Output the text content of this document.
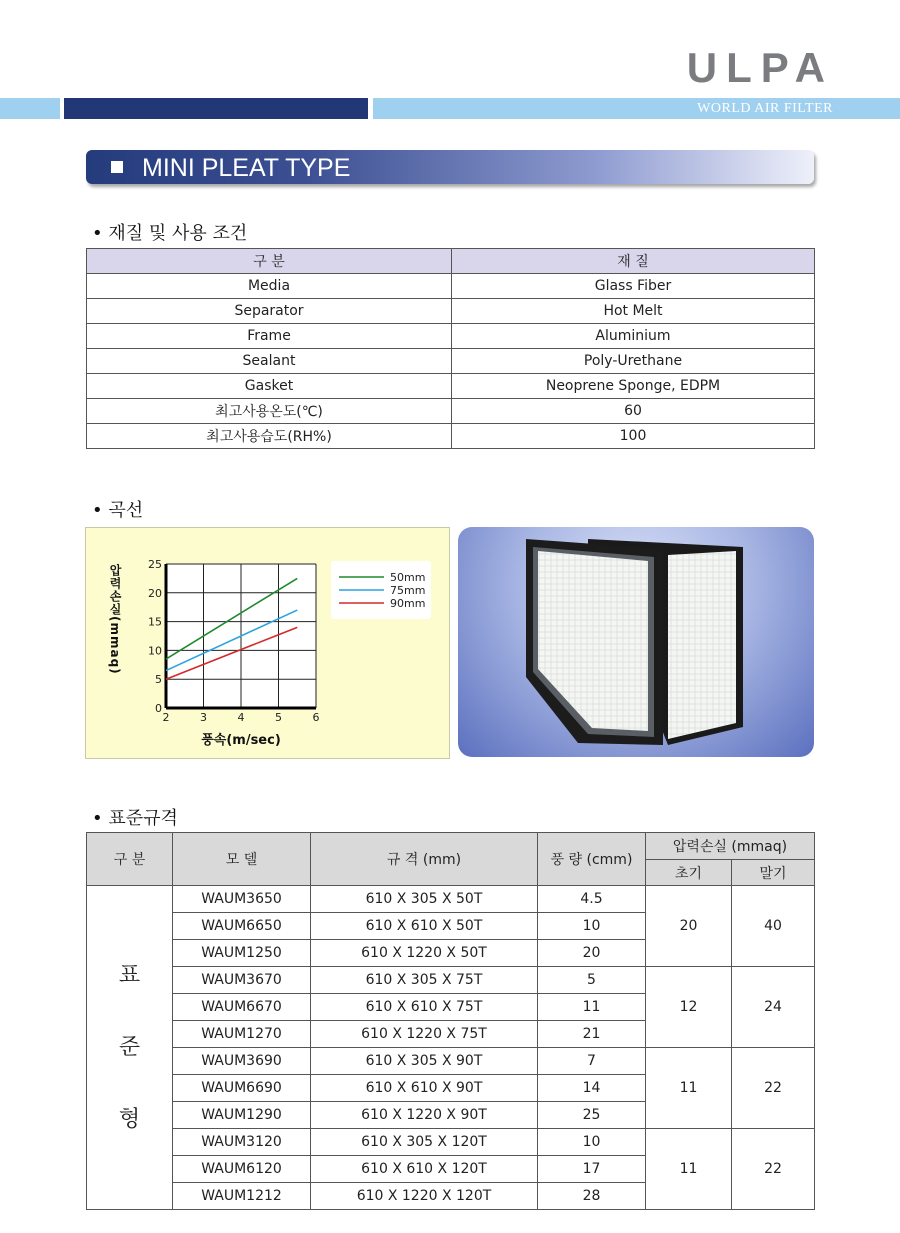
ULPA
WORLD AIR FILTER
MINI PLEAT TYPE
• 재질 및 사용 조건
구 분	재 질
Media	Glass Fiber
Separator	Hot Melt
Frame	Aluminium
Sealant	Poly-Urethane
Gasket	Neoprene Sponge, EDPM
최고사용온도(℃)	60
최고사용습도(RH%)	100
• 곡선
2	3	4	5	6
0
5
10
15
20
25
풍속(m/sec)
압력손실(mmaq)	50mm
75mm
90mm
• 표준규격
구 분	모 델	규 격 (mm)	풍 량 (cmm)	압력손실 (mmaq)	
				초기	말기

표
준
형	WAUM3650	610 X 305 X 50T	4.5	20	40
	WAUM6650	610 X 610 X 50T	10		
	WAUM1250	610 X 1220 X 50T	20		
	WAUM3670	610 X 305 X 75T	5	12	24
	WAUM6670	610 X 610 X 75T	11		
	WAUM1270	610 X 1220 X 75T	21		
	WAUM3690	610 X 305 X 90T	7	11	22
	WAUM6690	610 X 610 X 90T	14		
	WAUM1290	610 X 1220 X 90T	25		
	WAUM3120	610 X 305 X 120T	10	11	22
	WAUM6120	610 X 610 X 120T	17		
	WAUM1212	610 X 1220 X 120T	28		
